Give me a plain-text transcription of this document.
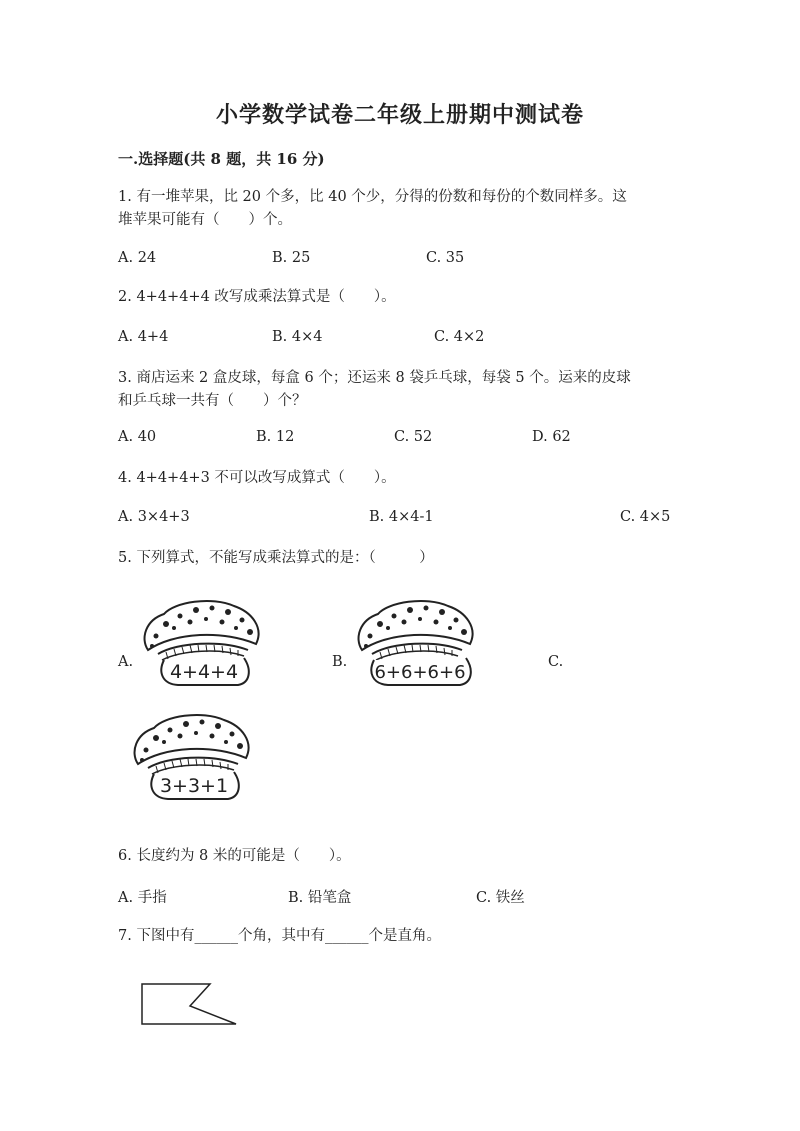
小学数学试卷二年级上册期中测试卷
一.选择题(共 8 题，共 16 分)
1. 有一堆苹果，比 20 个多，比 40 个少，分得的份数和每份的个数同样多。这
堆苹果可能有（　　）个。
A. 24	B. 25	C. 35
2. 4+4+4+4 改写成乘法算式是（　　）。
A. 4+4	B. 4×4	C. 4×2
3. 商店运来 2 盒皮球，每盒 6 个；还运来 8 袋乒乓球，每袋 5 个。运来的皮球
和乒乓球一共有（　　）个？
A. 40	B. 12	C. 52	D. 62
4. 4+4+4+3 不可以改写成算式（　　）。
A. 3×4+3	B. 4×4-1	C. 4×5
5. 下列算式，不能写成乘法算式的是：（　　　）
A.	B.	C.
4+4+4	6+6+6+6
3+3+1
6. 长度约为 8 米的可能是（　　）。
A. 手指	B. 铅笔盒	C. 铁丝
7. 下图中有______个角，其中有______个是直角。
